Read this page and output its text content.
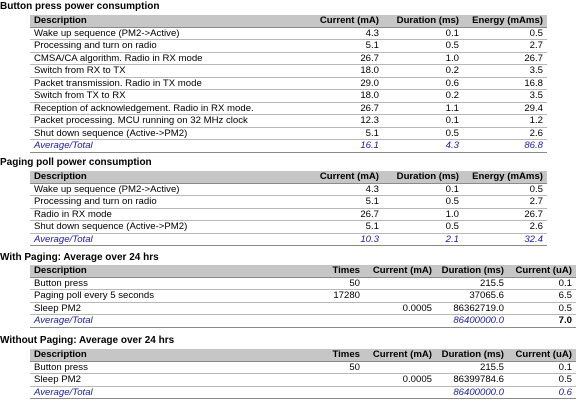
Button press power consumption
Description	Current (mA)	Duration (ms)	Energy (mAms)
Wake up sequence (PM2->Active)	4.3	0.1	0.5
Processing and turn on radio	5.1	0.5	2.7
CMSA/CA algorithm. Radio in RX mode	26.7	1.0	26.7
Switch from RX to TX	18.0	0.2	3.5
Packet transmission. Radio in TX mode	29.0	0.6	16.8
Switch from TX to RX	18.0	0.2	3.5
Reception of acknowledgement. Radio in RX mode.	26.7	1.1	29.4
Packet processing. MCU running on 32 MHz clock	12.3	0.1	1.2
Shut down sequence (Active->PM2)	5.1	0.5	2.6
Average/Total	16.1	4.3	86.8
Paging poll power consumption
Description	Current (mA)	Duration (ms)	Energy (mAms)
Wake up sequence (PM2->Active)	4.3	0.1	0.5
Processing and turn on radio	5.1	0.5	2.7
Radio in RX mode	26.7	1.0	26.7
Shut down sequence (Active->PM2)	5.1	0.5	2.6
Average/Total	10.3	2.1	32.4
With Paging: Average over 24 hrs
Description	Times	Current (mA)	Duration (ms)	Current (uA)
Button press	50		215.5	0.1
Paging poll every 5 seconds	17280		37065.6	6.5
Sleep PM2		0.0005	86362719.0	0.5
Average/Total			86400000.0	7.0
Without Paging: Average over 24 hrs
Description	Times	Current (mA)	Duration (ms)	Current (uA)
Button press	50		215.5	0.1
Sleep PM2		0.0005	86399784.6	0.5
Average/Total			86400000.0	0.6
